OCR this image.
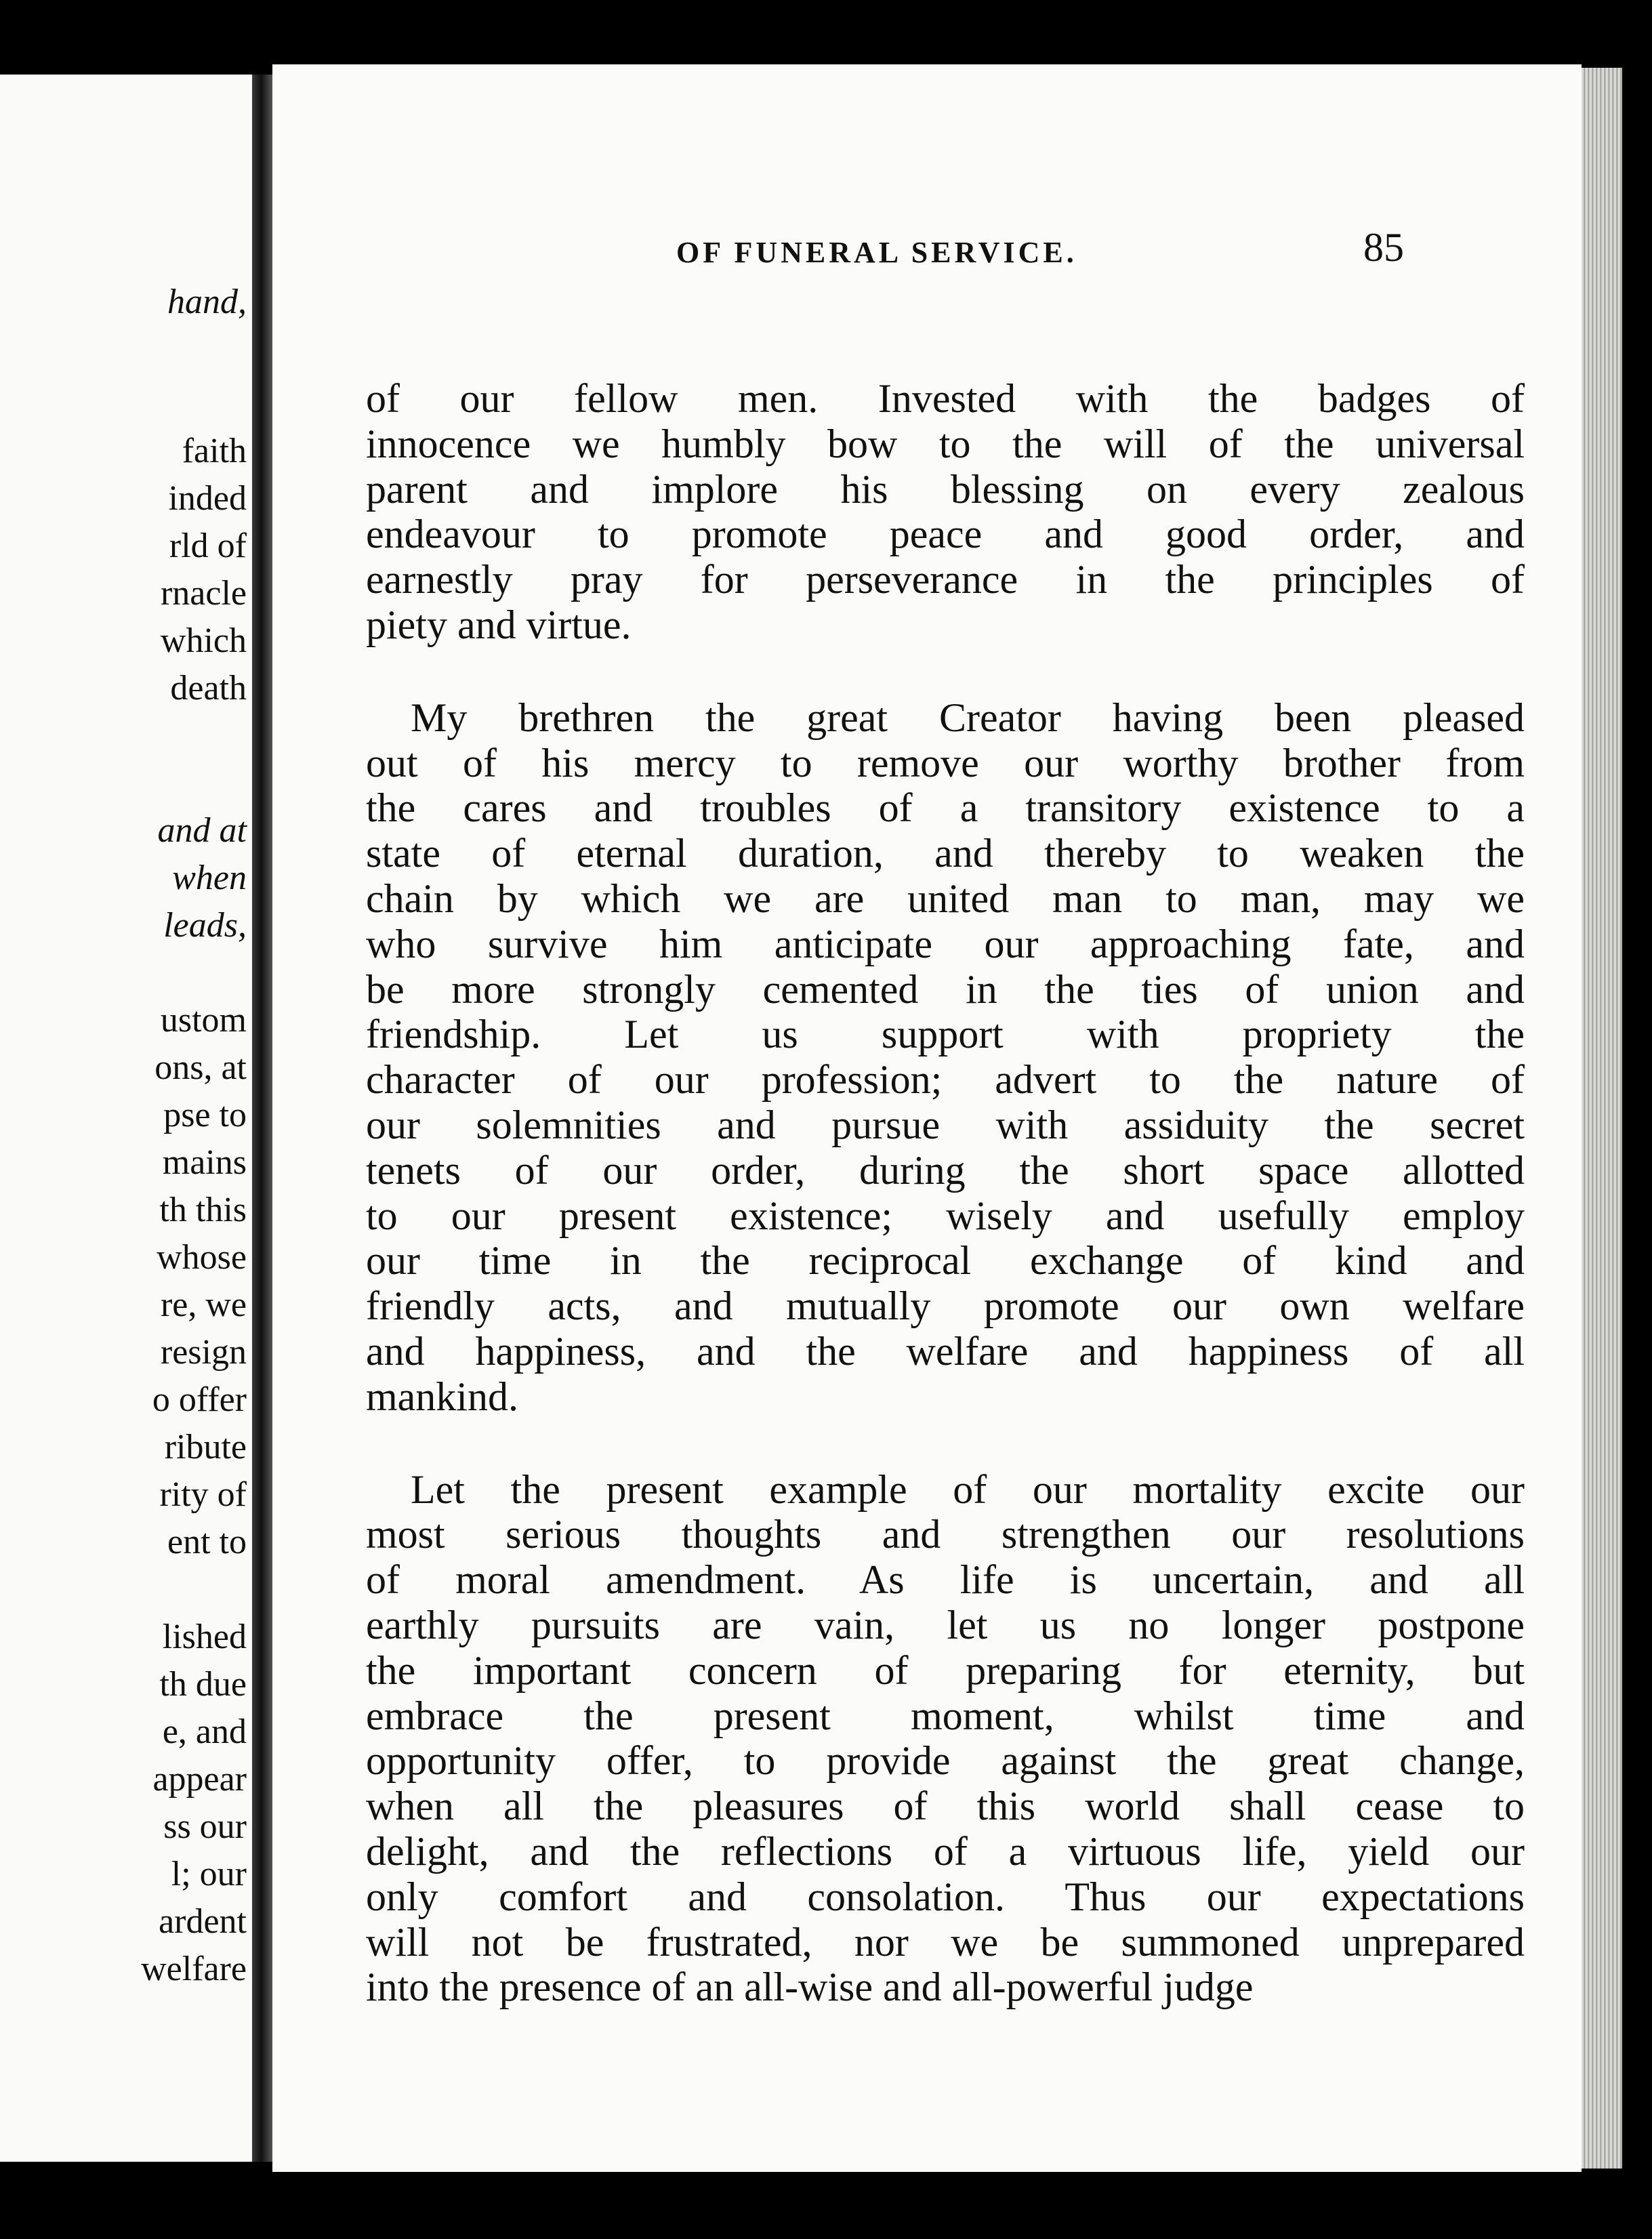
hand,
faith
inded
rld of
rnacle
which
death
and at
when
leads,
ustom
ons, at
pse to
mains
th this
whose
re, we
resign
o offer
ribute
rity of
ent to
lished
th due
e, and
appear
ss our
l; our
ardent
welfare
OF FUNERAL SERVICE.	85
of our fellow men. Invested with the badges of
innocence we humbly bow to the will of the universal
parent and implore his blessing on every zealous
endeavour to promote peace and good order, and
earnestly pray for perseverance in the principles of
piety and virtue.
My brethren the great Creator having been pleased
out of his mercy to remove our worthy brother from
the cares and troubles of a transitory existence to a
state of eternal duration, and thereby to weaken the
chain by which we are united man to man, may we
who survive him anticipate our approaching fate, and
be more strongly cemented in the ties of union and
friendship. Let us support with propriety the
character of our profession; advert to the nature of
our solemnities and pursue with assiduity the secret
tenets of our order, during the short space allotted
to our present existence; wisely and usefully employ
our time in the reciprocal exchange of kind and
friendly acts, and mutually promote our own welfare
and happiness, and the welfare and happiness of all
mankind.
Let the present example of our mortality excite our
most serious thoughts and strengthen our resolutions
of moral amendment. As life is uncertain, and all
earthly pursuits are vain, let us no longer postpone
the important concern of preparing for eternity, but
embrace the present moment, whilst time and
opportunity offer, to provide against the great change,
when all the pleasures of this world shall cease to
delight, and the reflections of a virtuous life, yield our
only comfort and consolation. Thus our expectations
will not be frustrated, nor we be summoned unprepared
into the presence of an all-wise and all-powerful judge
